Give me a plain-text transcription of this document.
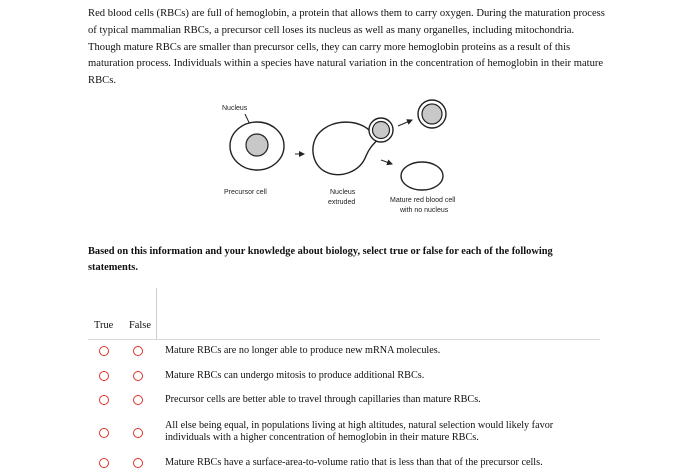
Red blood cells (RBCs) are full of hemoglobin, a protein that allows them to carry oxygen. During the maturation process of typical mammalian RBCs, a precursor cell loses its nucleus as well as many organelles, including mitochondria. Though mature RBCs are smaller than precursor cells, they can carry more hemoglobin proteins as a result of this maturation process. Individuals within a species have natural variation in the concentration of hemoglobin in their mature RBCs.

Nucleus
Precursor cell	Nucleus
extruded	Mature red blood cell
with no nucleus

Based on this information and your knowledge about biology, select true or false for each of the following statements.

True False
Mature RBCs are no longer able to produce new mRNA molecules.
Mature RBCs can undergo mitosis to produce additional RBCs.
Precursor cells are better able to travel through capillaries than mature RBCs.
All else being equal, in populations living at high altitudes, natural selection would likely favor individuals with a higher concentration of hemoglobin in their mature RBCs.
Mature RBCs have a surface-area-to-volume ratio that is less than that of the precursor cells.
